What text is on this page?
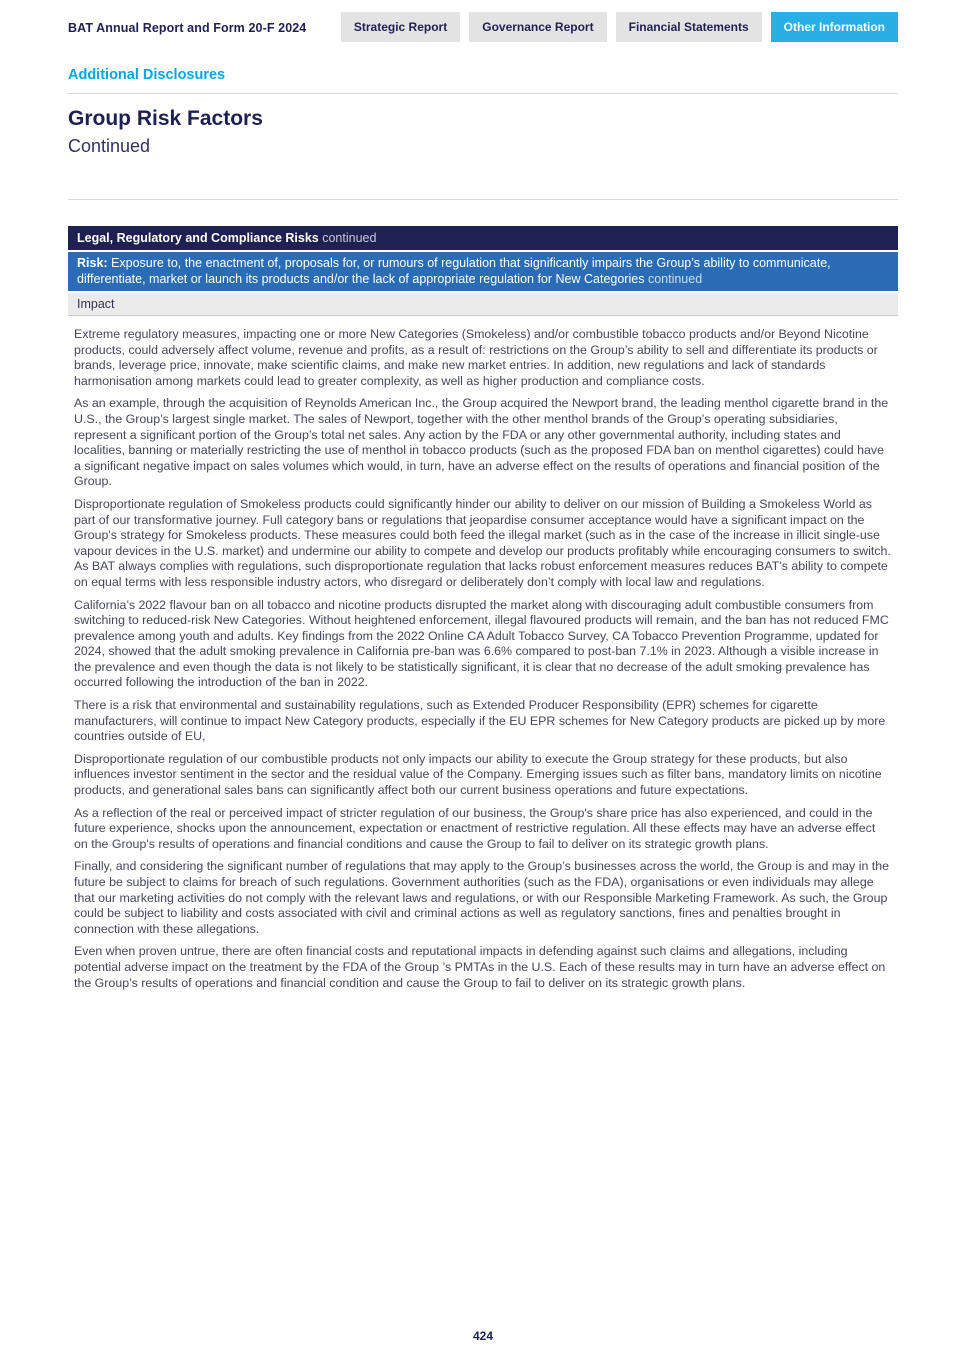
BAT Annual Report and Form 20-F 2024	Strategic Report	Governance Report	Financial Statements	Other Information
Additional Disclosures
Group Risk Factors
Continued
Legal, Regulatory and Compliance Risks continued
Risk: Exposure to, the enactment of, proposals for, or rumours of regulation that significantly impairs the Group’s ability to communicate, differentiate, market or launch its products and/or the lack of appropriate regulation for New Categories continued
Impact

Extreme regulatory measures, impacting one or more New Categories (Smokeless) and/or combustible tobacco products and/or Beyond Nicotine products, could adversely affect volume, revenue and profits, as a result of: restrictions on the Group’s ability to sell and differentiate its products or brands, leverage price, innovate, make scientific claims, and make new market entries. In addition, new regulations and lack of standards harmonisation among markets could lead to greater complexity, as well as higher production and compliance costs.

As an example, through the acquisition of Reynolds American Inc., the Group acquired the Newport brand, the leading menthol cigarette brand in the U.S., the Group’s largest single market. The sales of Newport, together with the other menthol brands of the Group’s operating subsidiaries, represent a significant portion of the Group’s total net sales. Any action by the FDA or any other governmental authority, including states and localities, banning or materially restricting the use of menthol in tobacco products (such as the proposed FDA ban on menthol cigarettes) could have a significant negative impact on sales volumes which would, in turn, have an adverse effect on the results of operations and financial position of the Group.

Disproportionate regulation of Smokeless products could significantly hinder our ability to deliver on our mission of Building a Smokeless World as part of our transformative journey. Full category bans or regulations that jeopardise consumer acceptance would have a significant impact on the Group's strategy for Smokeless products. These measures could both feed the illegal market (such as in the case of the increase in illicit single-use vapour devices in the U.S. market) and undermine our ability to compete and develop our products profitably while encouraging consumers to switch. As BAT always complies with regulations, such disproportionate regulation that lacks robust enforcement measures reduces BAT’s ability to compete on equal terms with less responsible industry actors, who disregard or deliberately don’t comply with local law and regulations.

California’s 2022 flavour ban on all tobacco and nicotine products disrupted the market along with discouraging adult combustible consumers from switching to reduced-risk New Categories. Without heightened enforcement, illegal flavoured products will remain, and the ban has not reduced FMC prevalence among youth and adults. Key findings from the 2022 Online CA Adult Tobacco Survey, CA Tobacco Prevention Programme, updated for 2024, showed that the adult smoking prevalence in California pre-ban was 6.6% compared to post-ban 7.1% in 2023. Although a visible increase in the prevalence and even though the data is not likely to be statistically significant, it is clear that no decrease of the adult smoking prevalence has occurred following the introduction of the ban in 2022.

There is a risk that environmental and sustainability regulations, such as Extended Producer Responsibility (EPR) schemes for cigarette manufacturers, will continue to impact New Category products, especially if the EU EPR schemes for New Category products are picked up by more countries outside of EU,

Disproportionate regulation of our combustible products not only impacts our ability to execute the Group strategy for these products, but also influences investor sentiment in the sector and the residual value of the Company. Emerging issues such as filter bans, mandatory limits on nicotine products, and generational sales bans can significantly affect both our current business operations and future expectations.

As a reflection of the real or perceived impact of stricter regulation of our business, the Group's share price has also experienced, and could in the future experience, shocks upon the announcement, expectation or enactment of restrictive regulation. All these effects may have an adverse effect on the Group's results of operations and financial conditions and cause the Group to fail to deliver on its strategic growth plans.

Finally, and considering the significant number of regulations that may apply to the Group’s businesses across the world, the Group is and may in the future be subject to claims for breach of such regulations. Government authorities (such as the FDA), organisations or even individuals may allege that our marketing activities do not comply with the relevant laws and regulations, or with our Responsible Marketing Framework. As such, the Group could be subject to liability and costs associated with civil and criminal actions as well as regulatory sanctions, fines and penalties brought in connection with these allegations.

Even when proven untrue, there are often financial costs and reputational impacts in defending against such claims and allegations, including potential adverse impact on the treatment by the FDA of the Group ’s PMTAs in the U.S. Each of these results may in turn have an adverse effect on the Group’s results of operations and financial condition and cause the Group to fail to deliver on its strategic growth plans.

424
